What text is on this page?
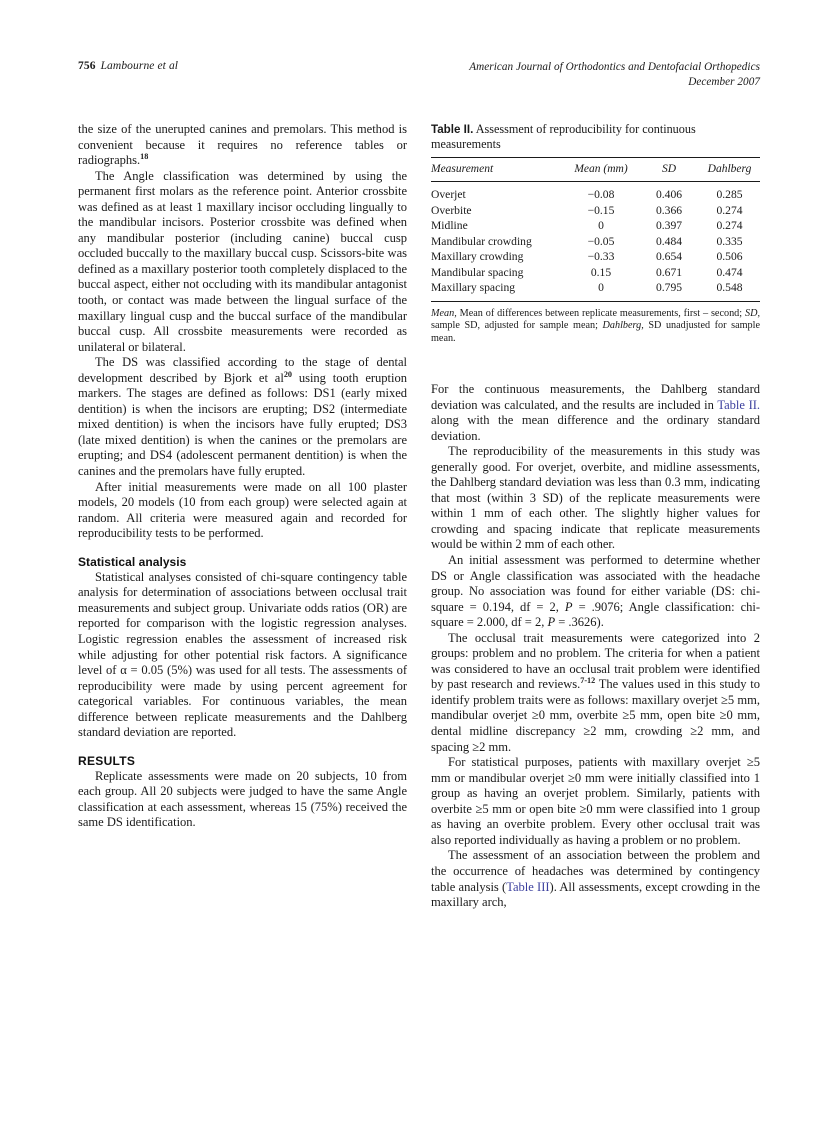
756 Lambourne et al	American Journal of Orthodontics and Dentofacial Orthopedics
December 2007

the size of the unerupted canines and premolars. This method is convenient because it requires no reference tables or radiographs.$^{18}$

The Angle classification was determined by using the permanent first molars as the reference point. Anterior crossbite was defined as at least 1 maxillary incisor occluding lingually to the mandibular incisors. Posterior crossbite was defined when any mandibular posterior (including canine) buccal cusp occluded buccally to the maxillary buccal cusp. Scissors-bite was defined as a maxillary posterior tooth completely displaced to the buccal aspect, either not occluding with its mandibular antagonist tooth, or contact was made between the lingual surface of the maxillary lingual cusp and the buccal surface of the mandibular buccal cusp. All crossbite measurements were recorded as unilateral or bilateral.

The DS was classified according to the stage of dental development described by Bjork et $al^{20}$ using tooth eruption markers. The stages are defined as follows: DS1 (early mixed dentition) is when the incisors are erupting; DS2 (intermediate mixed dentition) is when the incisors have fully erupted; DS3 (late mixed dentition) is when the canines or the premolars are erupting; and DS4 (adolescent permanent dentition) is when the canines and the premolars have fully erupted.

After initial measurements were made on all 100 plaster models, 20 models (10 from each group) were selected again at random. All criteria were measured again and recorded for reproducibility tests to be performed.

Statistical analysis

Statistical analyses consisted of chi-square contingency table analysis for determination of associations between occlusal trait measurements and subject group. Univariate odds ratios (OR) are reported for comparison with the logistic regression analyses. Logistic regression enables the assessment of increased risk while adjusting for other potential risk factors. A significance level of α = 0.05 (5%) was used for all tests. The assessments of reproducibility were made by using percent agreement for categorical variables. For continuous variables, the mean difference between replicate measurements and the Dahlberg standard deviation are reported.

RESULTS

Replicate assessments were made on 20 subjects, 10 from each group. All 20 subjects were judged to have the same Angle classification at each assessment, whereas 15 (75%) received the same DS identification.

Table II. Assessment of reproducibility for continuous measurements
Measurement	Mean (mm)	SD	Dahlberg
Overjet	−0.08	0.406	0.285
Overbite	−0.15	0.366	0.274
Midline	0	0.397	0.274
Mandibular crowding	−0.05	0.484	0.335
Maxillary crowding	−0.33	0.654	0.506
Mandibular spacing	0.15	0.671	0.474
Maxillary spacing	0	0.795	0.548
Mean, Mean of differences between replicate measurements, first – second; SD, sample SD, adjusted for sample mean; Dahlberg, SD unadjusted for sample mean.

For the continuous measurements, the Dahlberg standard deviation was calculated, and the results are included in Table II. along with the mean difference and the ordinary standard deviation.

The reproducibility of the measurements in this study was generally good. For overjet, overbite, and midline assessments, the Dahlberg standard deviation was less than 0.3 mm, indicating that most (within 3 SD) of the replicate measurements were within 1 mm of each other. The slightly higher values for crowding and spacing indicate that replicate measurements would be within 2 mm of each other.

An initial assessment was performed to determine whether DS or Angle classification was associated with the headache group. No association was found for either variable (DS: chi-square = 0.194, df = 2, P = .9076; Angle classification: chi-square = 2.000, df = 2, P = .3626).

The occlusal trait measurements were categorized into 2 groups: problem and no problem. The criteria for when a patient was considered to have an occlusal trait problem were identified by past research and reviews.$^{7-12}$ The values used in this study to identify problem traits were as follows: maxillary overjet ≥5 mm, mandibular overjet ≥0 mm, overbite ≥5 mm, open bite ≥0 mm, dental midline discrepancy ≥2 mm, crowding ≥2 mm, and spacing ≥2 mm.

For statistical purposes, patients with maxillary overjet ≥5 mm or mandibular overjet ≥0 mm were initially classified into 1 group as having an overjet problem. Similarly, patients with overbite ≥5 mm or open bite ≥0 mm were classified into 1 group as having an overbite problem. Every other occlusal trait was also reported individually as having a problem or no problem.

The assessment of an association between the problem and the occurrence of headaches was determined by contingency table analysis (Table III). All assessments, except crowding in the maxillary arch,
